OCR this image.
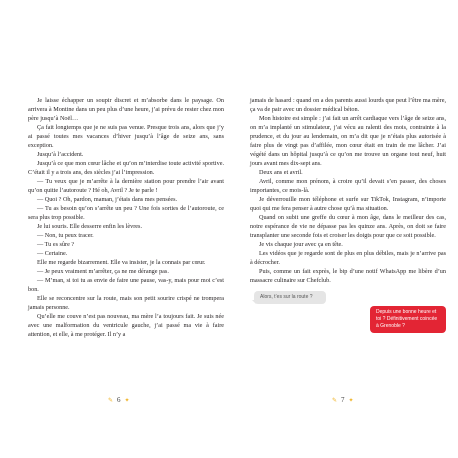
Je laisse échapper un soupir discret et m’absorbe dans le paysage. On arrivera à Montine dans un peu plus d’une heure, j’ai prévu de rester chez mon père jusqu’à Noël…

Ça fait longtemps que je ne suis pas venue. Presque trois ans, alors que j’y ai passé toutes mes vacances d’hiver jusqu’à l’âge de seize ans, sans exception.

Jusqu’à l’accident.

Jusqu’à ce que mon cœur lâche et qu’on m’interdise toute activité sportive. C’était il y a trois ans, des siècles j’ai l’impression.

— Tu veux que je m’arrête à la dernière station pour prendre l’air avant qu’on quitte l’autoroute ? Hé oh, Avril ? Je te parle !

— Quoi ? Oh, pardon, maman, j’étais dans mes pensées.

— Tu as besoin qu’on s’arrête un peu ? Une fois sorties de l’autoroute, ce sera plus trop possible.

Je lui souris. Elle desserre enfin les lèvres.

— Non, tu peux tracer.

— Tu es sûre ?

— Certaine.

Elle me regarde bizarrement. Elle va insister, je la connais par cœur.

— Je peux vraiment m’arrêter, ça ne me dérange pas.

— M’man, si toi tu as envie de faire une pause, vas-y, mais pour moi c’est bon.

Elle se reconcentre sur la route, mais son petit sourire crispé ne trompera jamais personne.

Qu’elle me couve n’est pas nouveau, ma mère l’a toujours fait. Je suis née avec une malformation du ventricule gauche, j’ai passé ma vie à faire attention, et elle, à me protéger. Il n’y a

jamais de hasard : quand on a des parents aussi lourds que peut l’être ma mère, ça va de pair avec un dossier médical béton.

Mon histoire est simple : j’ai fait un arrêt cardiaque vers l’âge de seize ans, on m’a implanté un stimulateur, j’ai vécu au ralenti des mois, contrainte à la prudence, et du jour au lendemain, on m’a dit que je n’étais plus autorisée à faire plus de vingt pas d’affilée, mon cœur était en train de me lâcher. J’ai végété dans un hôpital jusqu’à ce qu’on me trouve un organe tout neuf, huit jours avant mes dix-sept ans.

Deux ans et avril.

Avril, comme mon prénom, à croire qu’il devait s’en passer, des choses importantes, ce mois-là.

Je déverrouille mon téléphone et surfe sur TikTok, Instagram, n’importe quoi qui me fera penser à autre chose qu’à ma situation.

Quand on subit une greffe du cœur à mon âge, dans le meilleur des cas, notre espérance de vie ne dépasse pas les quinze ans. Après, on doit se faire transplanter une seconde fois et croiser les doigts pour que ce soit possible.

Je vis chaque jour avec ça en tête.

Les vidéos que je regarde sont de plus en plus débiles, mais je n’arrive pas à décrocher.

Puis, comme un fait exprès, le bip d’une notif WhatsApp me libère d’un massacre culinaire sur Chefclub.

Alors, t’es sur la route ?
Depuis une bonne heure et toi ? Définitivement coincée à Grenoble ?
✎ 6 ✦	✎ 7 ✦
